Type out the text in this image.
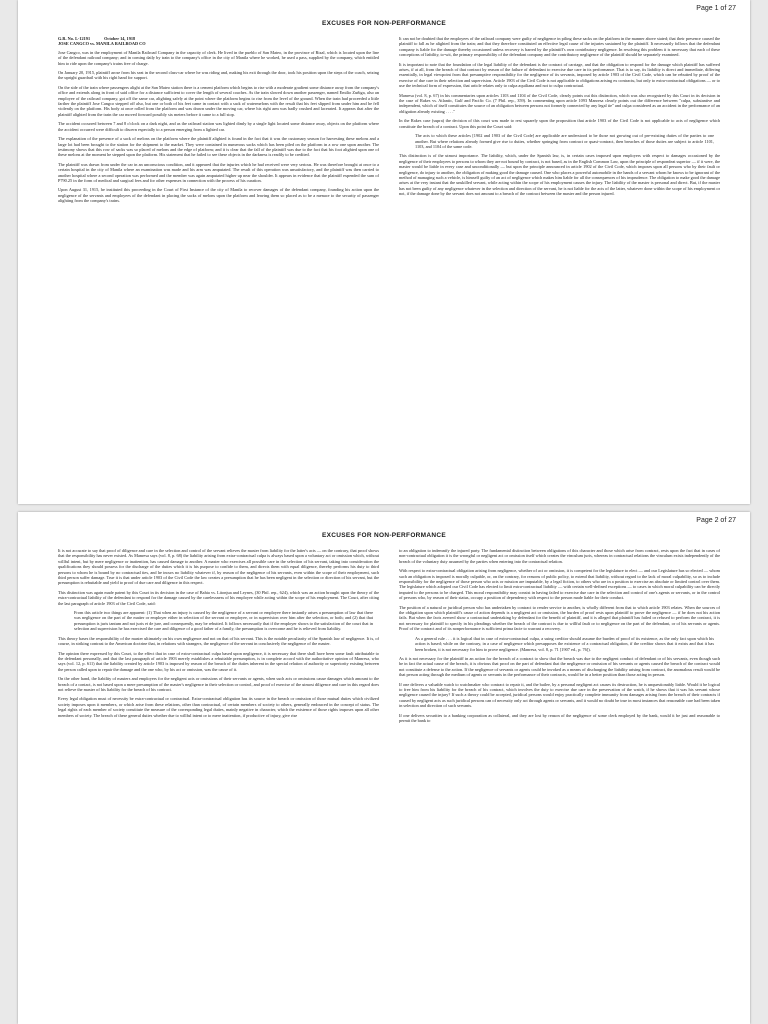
Page 1 of 27
EXCUSES FOR NON-PERFORMANCE

G.R. No. L-12191	October 14, 1918

JOSE CANGCO vs. MANILA RAILROAD CO

Jose Cangco, was in the employment of Manila Railroad Company in the capacity of clerk. He lived in the pueblo of San Mateo, in the province of Rizal, which is located upon the line of the defendant railroad company; and in coming daily by train to the company's office in the city of Manila where he worked, he used a pass, supplied by the company, which entitled him to ride upon the company's trains free of charge.

On January 20, 1915, plaintiff arose from his seat in the second class-car where he was riding and, making his exit through the door, took his position upon the steps of the coach, seizing the upright guardrail with his right hand for support.

On the side of the train where passengers alight at the San Mateo station there is a cement platform which begins to rise with a moderate gradient some distance away from the company's office and extends along in front of said office for a distance sufficient to cover the length of several coaches. As the train slowed down another passenger, named Emilio Zuñiga, also an employee of the railroad company, got off the same car, alighting safely at the point where the platform begins to rise from the level of the ground. When the train had proceeded a little farther the plaintiff Jose Cangco stepped off also, but one or both of his feet came in contact with a sack of watermelons with the result that his feet slipped from under him and he fell violently on the platform. His body at once rolled from the platform and was drawn under the moving car, where his right arm was badly crushed and lacerated. It appears that after the plaintiff alighted from the train the car moved forward possibly six meters before it came to a full stop.

The accident occurred between 7 and 8 o'clock on a dark night, and as the railroad station was lighted dimly by a single light located some distance away, objects on the platform where the accident occurred were difficult to discern especially to a person emerging from a lighted car.

The explanation of the presence of a sack of melons on the platform where the plaintiff alighted is found in the fact that it was the customary season for harvesting these melons and a large lot had been brought to the station for the shipment to the market. They were contained in numerous sacks which has been piled on the platform in a row one upon another. The testimony shows that this row of sacks was so placed of melons and the edge of platform; and it is clear that the fall of the plaintiff was due to the fact that his foot alighted upon one of these melons at the moment he stepped upon the platform. His statement that he failed to see these objects in the darkness is readily to be credited.

The plaintiff was drawn from under the car in an unconscious condition, and it appeared that the injuries which he had received were very serious. He was therefore brought at once to a certain hospital in the city of Manila where an examination was made and his arm was amputated. The result of this operation was unsatisfactory, and the plaintiff was then carried to another hospital where a second operation was performed and the member was again amputated higher up near the shoulder. It appears in evidence that the plaintiff expended the sum of P790.25 in the form of medical and surgical fees and for other expenses in connection with the process of his curation.

Upon August 31, 1915, he instituted this proceeding in the Court of First Instance of the city of Manila to recover damages of the defendant company, founding his action upon the negligence of the servants and employees of the defendant in placing the sacks of melons upon the platform and leaving them so placed as to be a menace to the security of passenger alighting from the company's trains.

It can not be doubted that the employees of the railroad company were guilty of negligence in piling these sacks on the platform in the manner above stated; that their presence caused the plaintiff to fall as he alighted from the train; and that they therefore constituted an effective legal cause of the injuries sustained by the plaintiff. It necessarily follows that the defendant company is liable for the damage thereby occasioned unless recovery is barred by the plaintiff's own contributory negligence. In resolving this problem it is necessary that each of these conceptions of liability, to-wit, the primary responsibility of the defendant company and the contributory negligence of the plaintiff should be separately examined.

It is important to note that the foundation of the legal liability of the defendant is the contract of carriage, and that the obligation to respond for the damage which plaintiff has suffered arises, if at all, from the breach of that contract by reason of the failure of defendant to exercise due care in its performance. That is to say, its liability is direct and immediate, differing essentially, in legal viewpoint from that presumptive responsibility for the negligence of its servants, imposed by article 1903 of the Civil Code, which can be rebutted by proof of the exercise of due care in their selection and supervision. Article 1903 of the Civil Code is not applicable to obligations arising ex contractu, but only to extra-contractual obligations — or to use the technical form of expression, that article relates only to culpa aquiliana and not to culpa contractual.

Manresa (vol. 8, p. 67) in his commentaries upon articles 1103 and 1104 of the Civil Code, clearly points out this distinction, which was also recognized by this Court in its decision in the case of Rakes vs. Atlantic, Gulf and Pacific Co. (7 Phil. rep., 359). In commenting upon article 1093 Manresa clearly points out the difference between "culpa, substantive and independent, which of itself constitutes the source of an obligation between persons not formerly connected by any legal tie" and culpa considered as an accident in the performance of an obligation already existing . . . ."

In the Rakes case (supra) the decision of this court was made to rest squarely upon the proposition that article 1903 of the Civil Code is not applicable to acts of negligence which constitute the breach of a contract. Upon this point the Court said:

The acts to which these articles [1902 and 1903 of the Civil Code] are applicable are understood to be those not growing out of pre-existing duties of the parties to one another. But where relations already formed give rise to duties, whether springing from contract or quasi-contract, then breaches of those duties are subject to article 1101, 1103, and 1104 of the same code.

This distinction is of the utmost importance. The liability, which, under the Spanish law, is, in certain cases imposed upon employers with respect to damages occasioned by the negligence of their employees to persons to whom they are not bound by contract, is not based, as in the English Common Law, upon the principle of respondeat superior — if it were, the master would be liable in every case and unconditionally — but upon the principle announced in article 1902 of the Civil Code, which imposes upon all persons who by their fault or negligence, do injury to another, the obligation of making good the damage caused. One who places a powerful automobile in the hands of a servant whom he knows to be ignorant of the method of managing such a vehicle, is himself guilty of an act of negligence which makes him liable for all the consequences of his imprudence. The obligation to make good the damage arises at the very instant that the unskilled servant, while acting within the scope of his employment causes the injury. The liability of the master is personal and direct. But, if the master has not been guilty of any negligence whatever in the selection and direction of the servant, he is not liable for the acts of the latter, whatever done within the scope of his employment or not, if the damage done by the servant does not amount to a breach of the contract between the master and the person injured.

Page 2 of 27
EXCUSES FOR NON-PERFORMANCE

It is not accurate to say that proof of diligence and care in the selection and control of the servant relieves the master from liability for the latter's acts — on the contrary, that proof shows that the responsibility has never existed. As Manresa says (vol. 8, p. 68) the liability arising from extra-contractual culpa is always based upon a voluntary act or omission which, without willful intent, but by mere negligence or inattention, has caused damage to another. A master who exercises all possible care in the selection of his servant, taking into consideration the qualifications they should possess for the discharge of the duties which it is his purpose to confide to them, and directs them with equal diligence, thereby performs his duty to third persons to whom he is bound by no contractual ties, and he incurs no liability whatever if, by reason of the negligence of his servants, even within the scope of their employment, such third person suffer damage. True it is that under article 1903 of the Civil Code the law creates a presumption that he has been negligent in the selection or direction of his servant, but the presumption is rebuttable and yield to proof of due care and diligence in this respect.

This distinction was again made patent by this Court in its decision in the case of Bahia vs. Litonjua and Leynes, (30 Phil. rep., 624), which was an action brought upon the theory of the extra-contractual liability of the defendant to respond for the damage caused by the carelessness of his employee while acting within the scope of his employment. The Court, after citing the last paragraph of article 1903 of the Civil Code, said:

From this article two things are apparent: (1) That when an injury is caused by the negligence of a servant or employee there instantly arises a presumption of law that there was negligence on the part of the matter or employer either in selection of the servant or employee, or in supervision over him after the selection, or both; and (2) that that presumption is juris tantum and not juris et de jure, and consequently, may be rebutted. It follows necessarily that if the employer shows to the satisfaction of the court that in selection and supervision he has exercised the care and diligence of a good father of a family, the presumption is overcome and he is relieved from liability.

This theory bases the responsibility of the master ultimately on his own negligence and not on that of his servant. This is the notable peculiarity of the Spanish law of negligence. It is, of course, in striking contrast to the American doctrine that, in relations with strangers, the negligence of the servant in conclusively the negligence of the master.

The opinion there expressed by this Court, to the effect that in case of extra-contractual culpa based upon negligence, it is necessary that there shall have been some fault attributable to the defendant personally, and that the last paragraph of article 1903 merely establishes a rebuttable presumption, is in complete accord with the authoritative opinion of Manresa, who says (vol. 12, p. 611) that the liability created by article 1903 is imposed by reason of the breach of the duties inherent in the special relation of authority or superiority existing between the person called upon to repair the damage and the one who, by his act or omission, was the cause of it.

On the other hand, the liability of masters and employers for the negligent acts or omissions of their servants or agents, when such acts or omissions cause damages which amount to the breach of a contact, is not based upon a mere presumption of the master's negligence in their selection or control, and proof of exercise of the utmost diligence and care in this regard does not relieve the master of his liability for the breach of his contract.

Every legal obligation must of necessity be extra-contractual or contractual. Extra-contractual obligation has its source in the breach or omission of those mutual duties which civilized society imposes upon it members, or which arise from these relations, other than contractual, of certain members of society to others, generally embraced in the concept of status. The legal rights of each member of society constitute the measure of the corresponding legal duties, mainly negative in character, which the existence of those rights imposes upon all other members of society. The breach of these general duties whether due to willful intent or to mere inattention, if productive of injury, give rise

to an obligation to indemnify the injured party. The fundamental distinction between obligations of this character and those which arise from contract, rests upon the fact that in cases of non-contractual obligation it is the wrongful or negligent act or omission itself which creates the vinculum juris, whereas in contractual relations the vinculum exists independently of the breach of the voluntary duty assumed by the parties when entering into the contractual relation.

With respect to extra-contractual obligation arising from negligence, whether of act or omission, it is competent for the legislature to elect — and our Legislature has so elected — whom such an obligation is imposed is morally culpable, or, on the contrary, for reasons of public policy, to extend that liability, without regard to the lack of moral culpability, so as to include responsibility for the negligence of those person who acts or mission are imputable, by a legal fiction, to others who are in a position to exercise an absolute or limited control over them. The legislature which adopted our Civil Code has elected to limit extra-contractual liability — with certain well-defined exceptions — to cases in which moral culpability can be directly imputed to the persons to be charged. This moral responsibility may consist in having failed to exercise due care in the selection and control of one's agents or servants, or in the control of persons who, by reason of their status, occupy a position of dependency with respect to the person made liable for their conduct.

The position of a natural or juridical person who has undertaken by contract to render service to another, is wholly different from that to which article 1903 relates. When the sources of the obligation upon which plaintiff's cause of action depends is a negligent act or omission, the burden of proof rests upon plaintiff to prove the negligence — if he does not his action fails. But when the facts averred show a contractual undertaking by defendant for the benefit of plaintiff, and it is alleged that plaintiff has failed or refused to perform the contract, it is not necessary for plaintiff to specify in his pleadings whether the breach of the contract is due to willful fault or to negligence on the part of the defendant, or of his servants or agents. Proof of the contract and of its nonperformance is sufficient prima facie to warrant a recovery.

As a general rule . . . it is logical that in case of extra-contractual culpa, a suing creditor should assume the burden of proof of its existence, as the only fact upon which his action is based; while on the contrary, in a case of negligence which presupposes the existence of a contractual obligation, if the creditor shows that it exists and that it has been broken, it is not necessary for him to prove negligence. (Manresa, vol. 8, p. 71 [1907 ed., p. 76]).

As it is not necessary for the plaintiff in an action for the breach of a contract to show that the breach was due to the negligent conduct of defendant or of his servants, even though such be in fact the actual cause of the breach, it is obvious that proof on the part of defendant that the negligence or omission of his servants or agents caused the breach of the contract would not constitute a defense to the action. If the negligence of servants or agents could be invoked as a means of discharging the liability arising from contract, the anomalous result would be that person acting through the medium of agents or servants in the performance of their contracts, would be in a better position than those acting in person.

If one delivers a valuable watch to watchmaker who contract to repair it, and the bailee, by a personal negligent act causes its destruction, he is unquestionably liable. Would it be logical to free him from his liability for the breach of his contract, which involves the duty to exercise due care in the preservation of the watch, if he shows that it was his servant whose negligence caused the injury? If such a theory could be accepted, juridical persons would enjoy practically complete immunity from damages arising from the breach of their contracts if caused by negligent acts as such juridical persons can of necessity only act through agents or servants, and it would no doubt be true in most instances that reasonable care had been taken in selection and direction of such servants.

If one delivers securities to a banking corporation as collateral, and they are lost by reason of the negligence of some clerk employed by the bank, would it be just and reasonable to permit the bank to
